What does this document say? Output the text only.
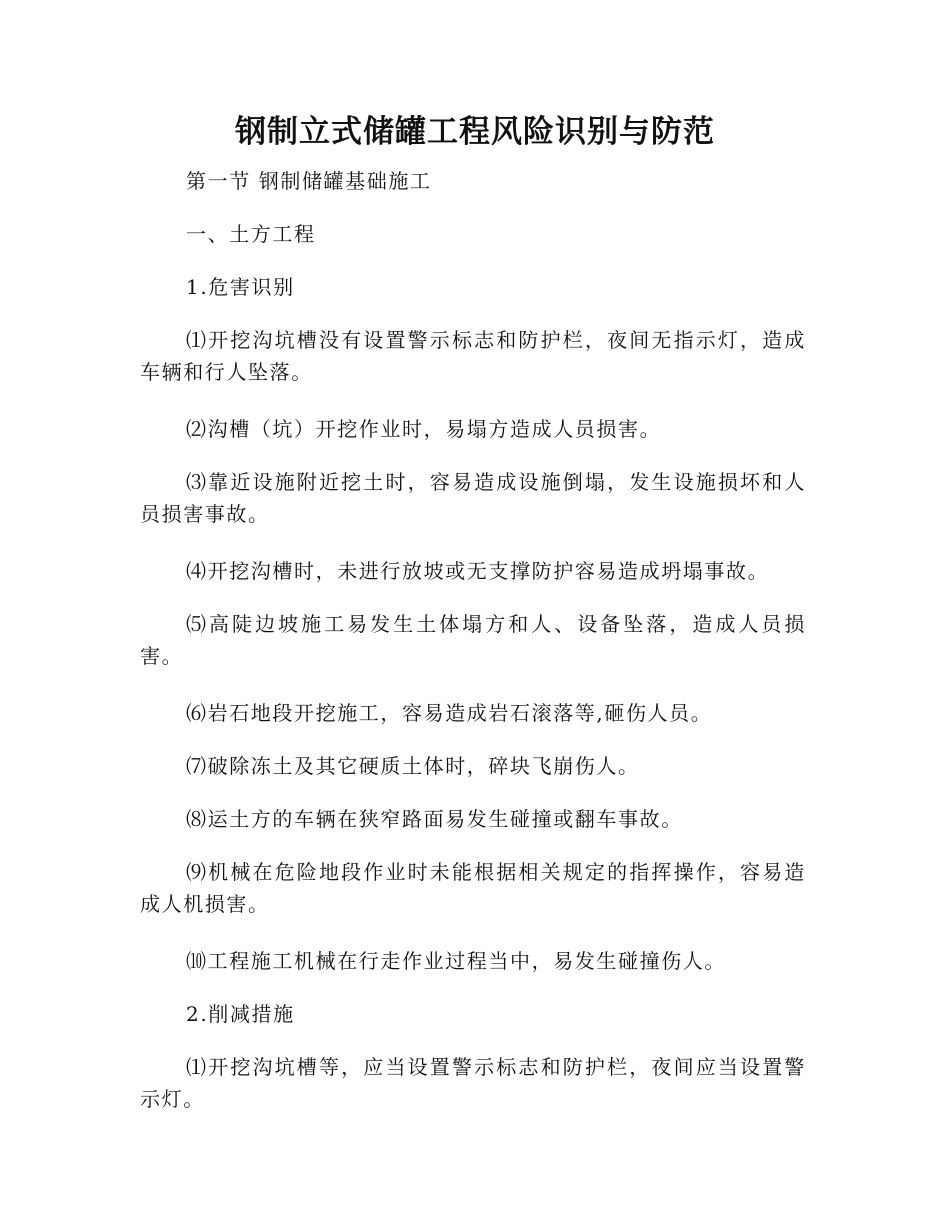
钢制立式储罐工程风险识别与防范

第一节 钢制储罐基础施工

一、土方工程

1.危害识别

⑴开挖沟坑槽没有设置警示标志和防护栏，夜间无指示灯，造成车辆和行人坠落。

⑵沟槽（坑）开挖作业时，易塌方造成人员损害。

⑶靠近设施附近挖土时，容易造成设施倒塌，发生设施损坏和人员损害事故。

⑷开挖沟槽时，未进行放坡或无支撑防护容易造成坍塌事故。

⑸高陡边坡施工易发生土体塌方和人、设备坠落，造成人员损害。

⑹岩石地段开挖施工，容易造成岩石滚落等,砸伤人员。

⑺破除冻土及其它硬质土体时，碎块飞崩伤人。

⑻运土方的车辆在狭窄路面易发生碰撞或翻车事故。

⑼机械在危险地段作业时未能根据相关规定的指挥操作，容易造成人机损害。

⑽工程施工机械在行走作业过程当中，易发生碰撞伤人。

2.削减措施

⑴开挖沟坑槽等，应当设置警示标志和防护栏，夜间应当设置警示灯。
